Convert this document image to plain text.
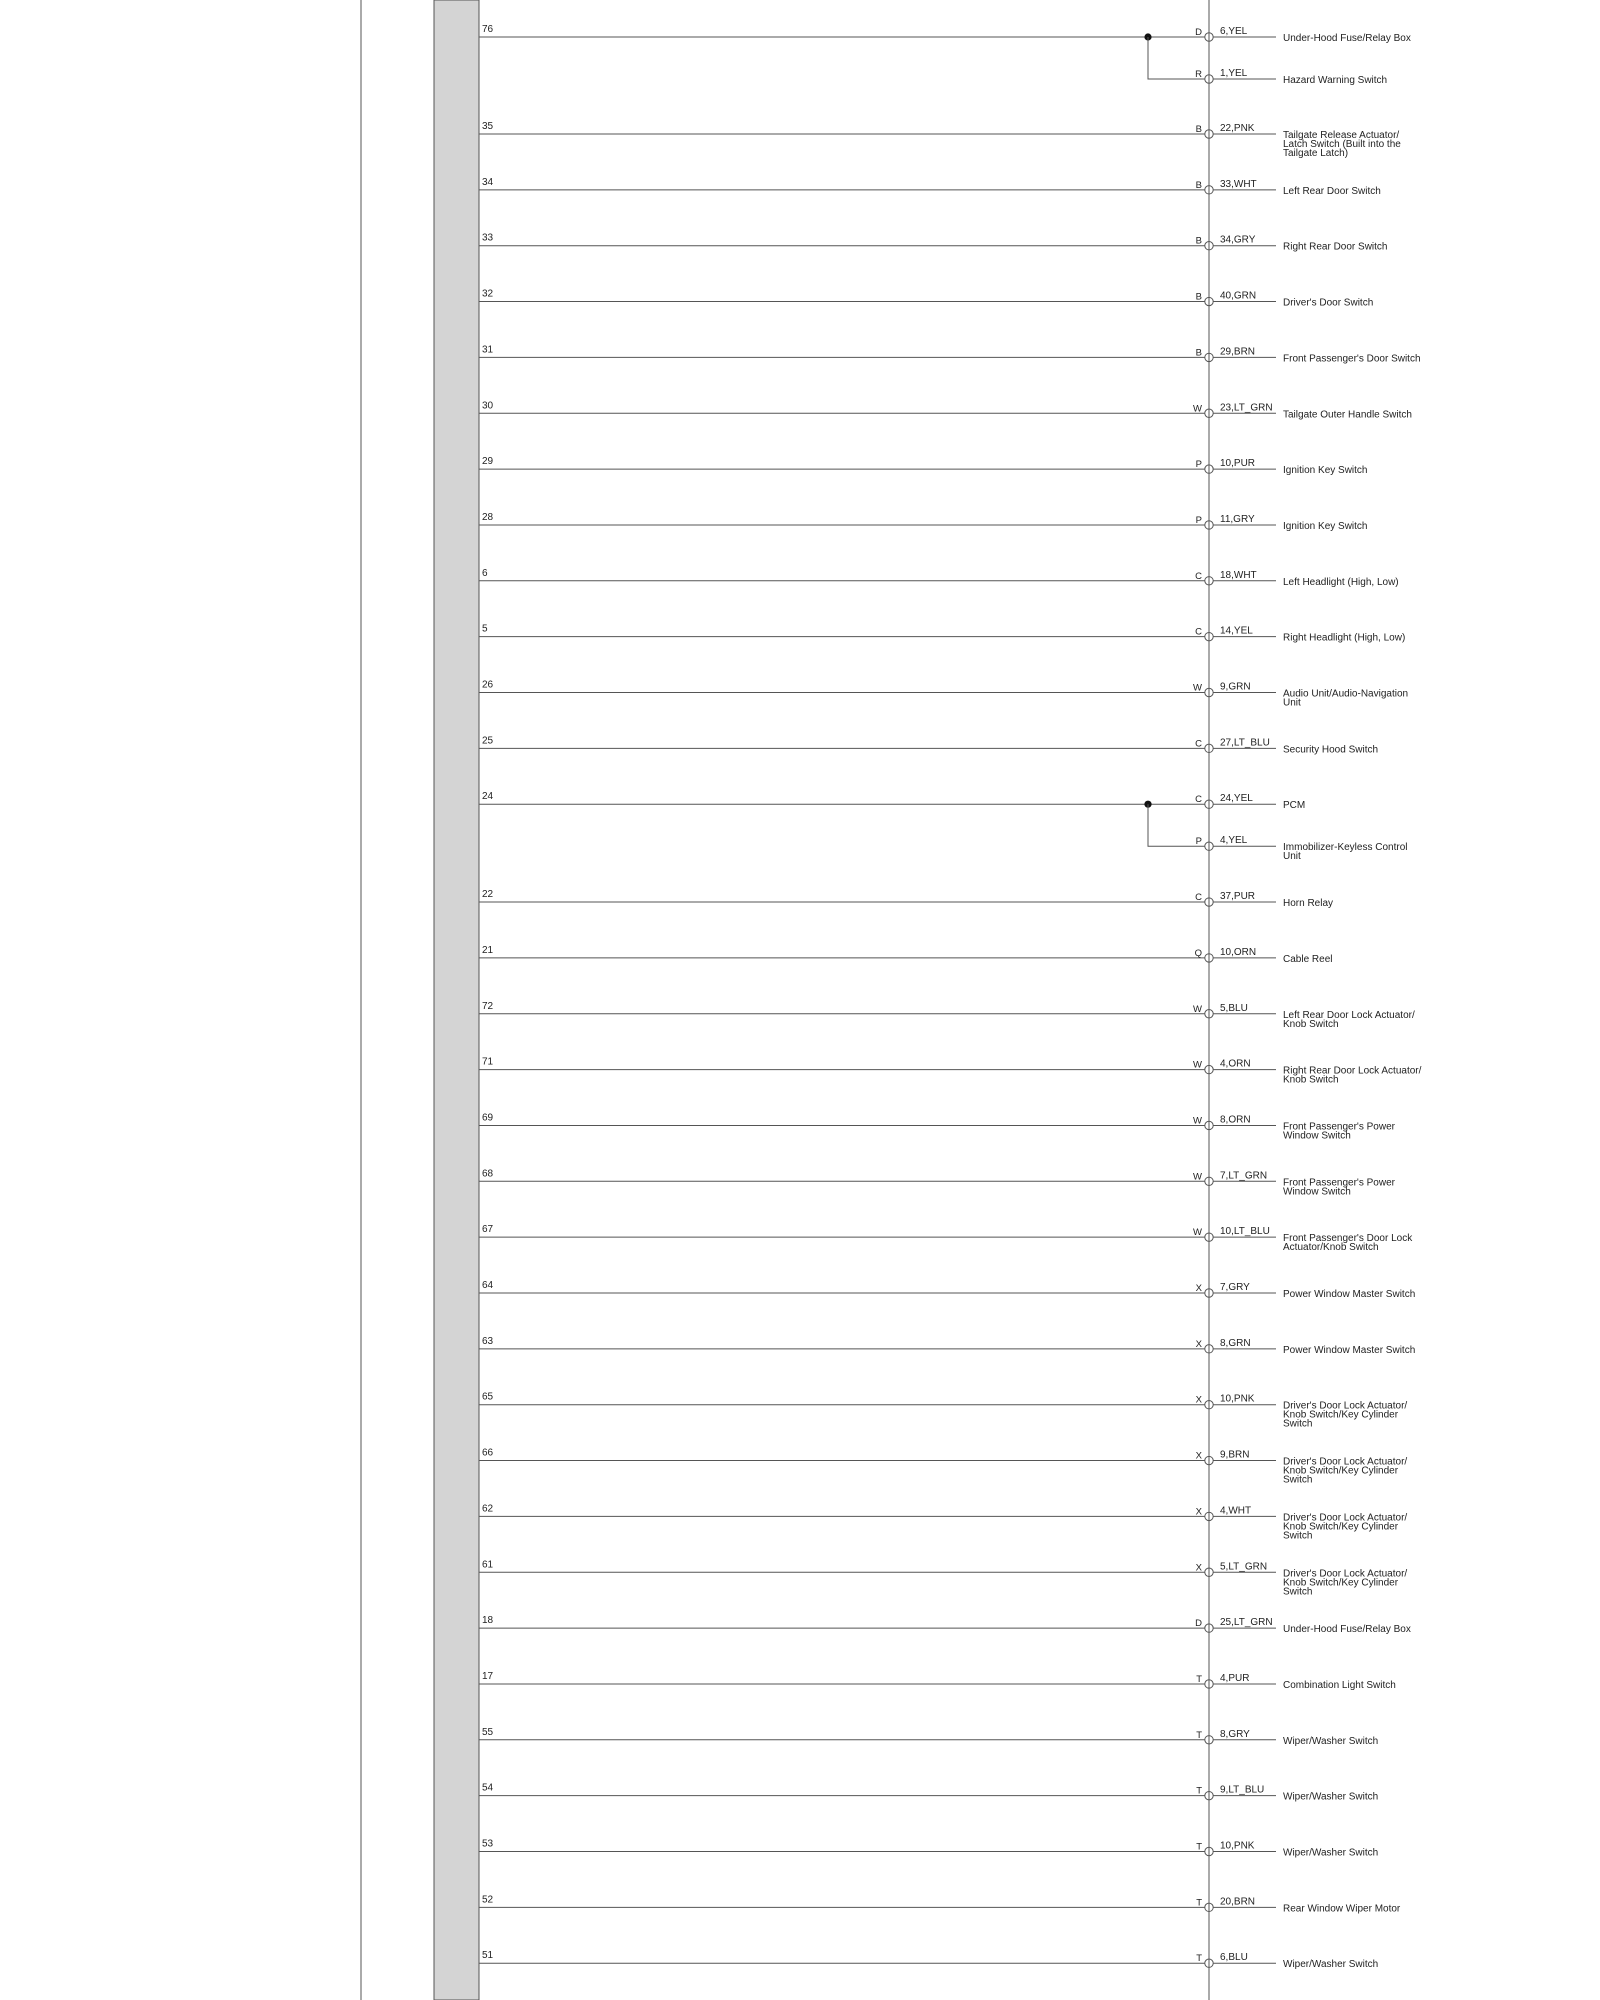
76	D 6,YEL
Under-Hood Fuse/Relay Box
R 1,YEL
Hazard Warning Switch
35	B 22,PNK
Tailgate Release Actuator/
Latch Switch (Built into the
Tailgate Latch)
34	B 33,WHT
Left Rear Door Switch
33	B 34,GRY
Right Rear Door Switch
32	B 40,GRN
Driver's Door Switch
31	B 29,BRN
Front Passenger's Door Switch
30	W 23,LT_GRN
Tailgate Outer Handle Switch
29	P 10,PUR
Ignition Key Switch
28	P 11,GRY
Ignition Key Switch
6	C 18,WHT
Left Headlight (High, Low)
5	C 14,YEL
Right Headlight (High, Low)
26	W 9,GRN
Audio Unit/Audio-Navigation
Unit
25	C 27,LT_BLU
Security Hood Switch
24	C 24,YEL
PCM
P 4,YEL
Immobilizer-Keyless Control
Unit
22	C 37,PUR
Horn Relay
21	Q 10,ORN
Cable Reel
72	W 5,BLU
Left Rear Door Lock Actuator/
Knob Switch
71	W 4,ORN
Right Rear Door Lock Actuator/
Knob Switch
69	W 8,ORN
Front Passenger's Power
Window Switch
68	W 7,LT_GRN
Front Passenger's Power
Window Switch
67	W 10,LT_BLU
Front Passenger's Door Lock
Actuator/Knob Switch
64	X 7,GRY
Power Window Master Switch
63	X 8,GRN
Power Window Master Switch
65	X 10,PNK
Driver's Door Lock Actuator/
Knob Switch/Key Cylinder
Switch
66	X 9,BRN
Driver's Door Lock Actuator/
Knob Switch/Key Cylinder
Switch
62	X 4,WHT
Driver's Door Lock Actuator/
Knob Switch/Key Cylinder
Switch
61	X 5,LT_GRN
Driver's Door Lock Actuator/
Knob Switch/Key Cylinder
Switch
18	D 25,LT_GRN
Under-Hood Fuse/Relay Box
17	T 4,PUR
Combination Light Switch
55	T 8,GRY
Wiper/Washer Switch
54	T 9,LT_BLU
Wiper/Washer Switch
53	T 10,PNK
Wiper/Washer Switch
52	T 20,BRN
Rear Window Wiper Motor
51	T 6,BLU
Wiper/Washer Switch
